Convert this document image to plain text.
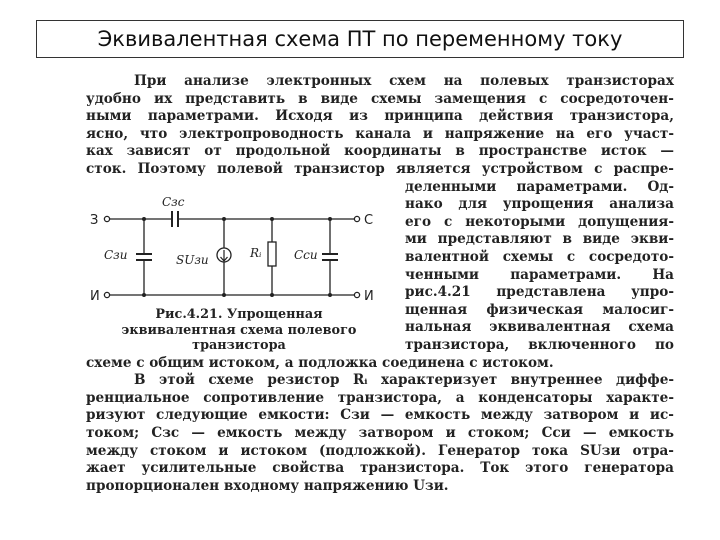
Эквивалентная схема ПТ по переменному току
При анализе электронных схем на полевых транзисторах
удобно их представить в виде схемы замещения с сосредоточен-
ными параметрами. Исходя из принципа действия транзистора,
ясно, что электропроводность канала и напряжение на его участ-
ках зависят от продольной координаты в пространстве исток —
сток. Поэтому полевой транзистор является устройством с распре-
деленными параметрами. Од-
нако для упрощения анализа
его с некоторыми допущения-
ми представляют в виде экви-
валентной схемы с сосредото-
ченными параметрами. На
рис.4.21 представлена упро-
щенная физическая малосиг-
нальная эквивалентная схема
транзистора, включенного по
схеме с общим истоком, а подложка соединена с истоком.
В этой схеме резистор Rᵢ характеризует внутреннее диффе-
ренциальное сопротивление транзистора, а конденсаторы характе-
ризуют следующие емкости: Cзи — емкость между затвором и ис-
током; Cзс — емкость между затвором и стоком; Cси — емкость
между стоком и истоком (подложкой). Генератор тока SUзи отра-
жает усилительные свойства транзистора. Ток этого генератора
пропорционален входному напряжению Uзи.
З	С
И	И
Cзс
Cзи	SUзи	Rᵢ	Cси
Рис.4.21. Упрощенная
эквивалентная схема полевого
транзистора
